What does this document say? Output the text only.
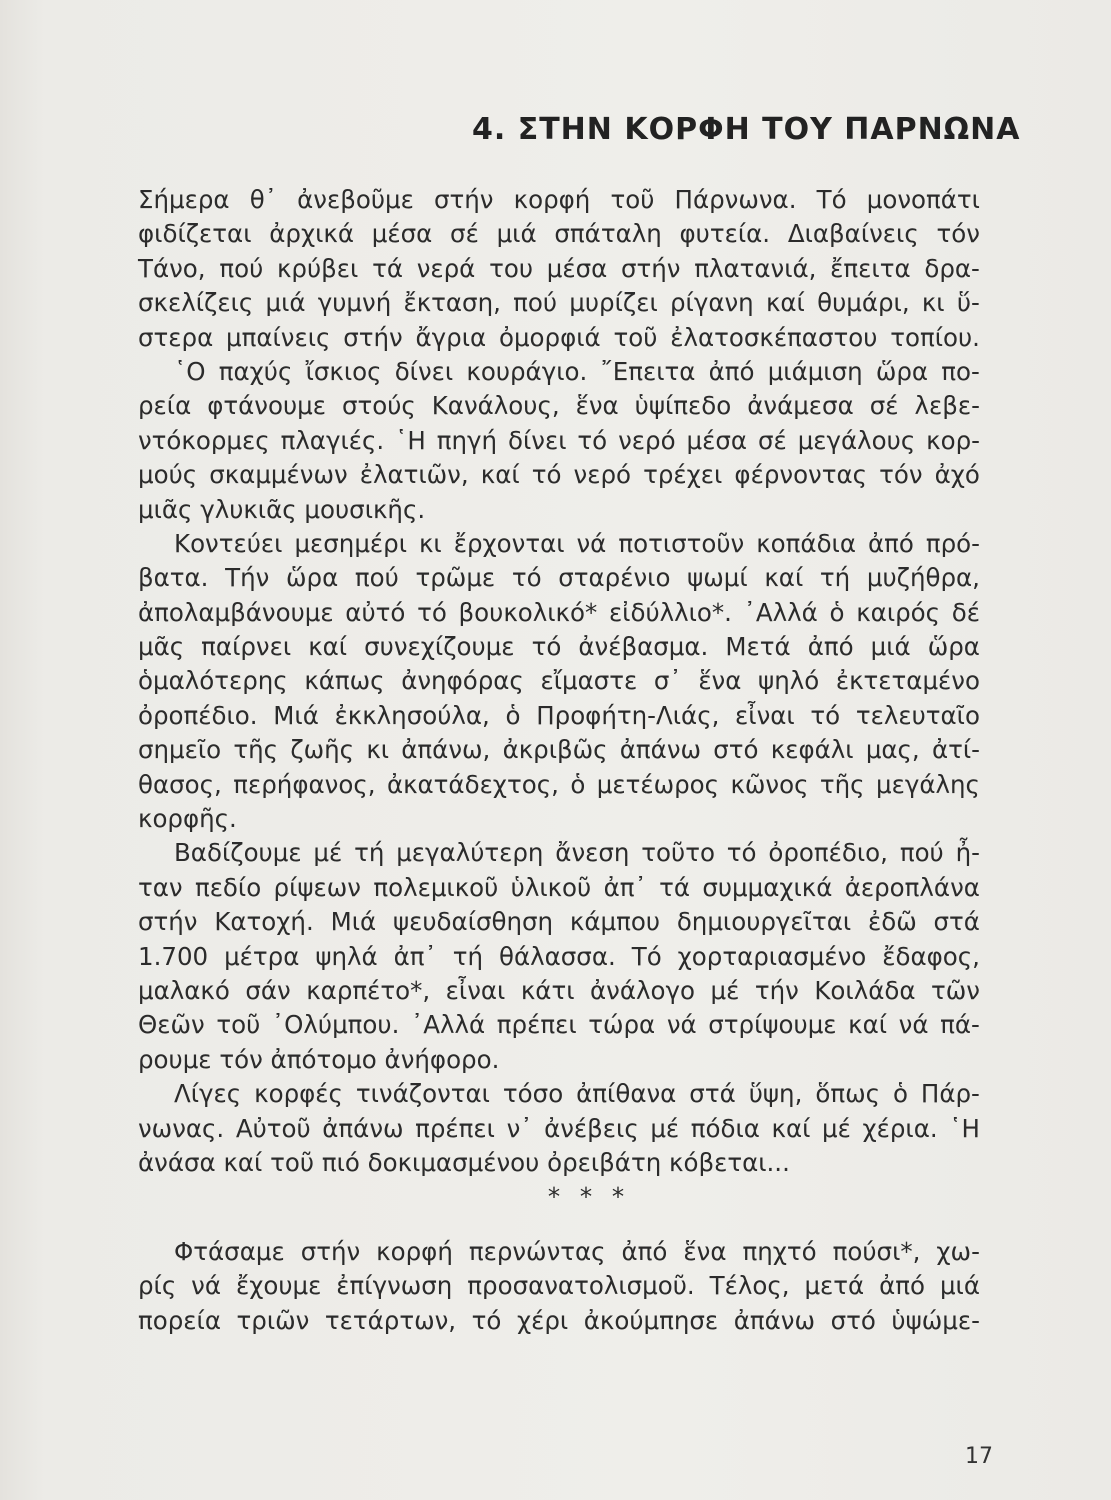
4. ΣΤΗΝ ΚΟΡΦΗ ΤΟΥ ΠΑΡΝΩΝΑ
Σήμερα θ᾽ ἀνεβοῦμε στήν κορφή τοῦ Πάρνωνα. Τό μονοπάτι
φιδίζεται ἀρχικά μέσα σέ μιά σπάταλη φυτεία. Διαβαίνεις τόν
Τάνο, πού κρύβει τά νερά του μέσα στήν πλατανιά, ἔπειτα δρα-
σκελίζεις μιά γυμνή ἔκταση, πού μυρίζει ρίγανη καί θυμάρι, κι ὕ-
στερα μπαίνεις στήν ἄγρια ὀμορφιά τοῦ ἐλατοσκέπαστου τοπίου.
῾Ο παχύς ἴσκιος δίνει κουράγιο. ῎Επειτα ἀπό μιάμιση ὥρα πο-
ρεία φτάνουμε στούς Κανάλους, ἕνα ὑψίπεδο ἀνάμεσα σέ λεβε-
ντόκορμες πλαγιές. ῾Η πηγή δίνει τό νερό μέσα σέ μεγάλους κορ-
μούς σκαμμένων ἐλατιῶν, καί τό νερό τρέχει φέρνοντας τόν ἀχό
μιᾶς γλυκιᾶς μουσικῆς.
Κοντεύει μεσημέρι κι ἔρχονται νά ποτιστοῦν κοπάδια ἀπό πρό-
βατα. Τήν ὥρα πού τρῶμε τό σταρένιο ψωμί καί τή μυζήθρα,
ἀπολαμβάνουμε αὐτό τό βουκολικό* εἰδύλλιο*. ᾽Αλλά ὁ καιρός δέ
μᾶς παίρνει καί συνεχίζουμε τό ἀνέβασμα. Μετά ἀπό μιά ὥρα
ὁμαλότερης κάπως ἀνηφόρας εἴμαστε σ᾽ ἕνα ψηλό ἐκτεταμένο
ὀροπέδιο. Μιά ἐκκλησούλα, ὁ Προφήτη-Λιάς, εἶναι τό τελευταῖο
σημεῖο τῆς ζωῆς κι ἀπάνω, ἀκριβῶς ἀπάνω στό κεφάλι μας, ἀτί-
θασος, περήφανος, ἀκατάδεχτος, ὁ μετέωρος κῶνος τῆς μεγάλης
κορφῆς.
Βαδίζουμε μέ τή μεγαλύτερη ἄνεση τοῦτο τό ὀροπέδιο, πού ἦ-
ταν πεδίο ρίψεων πολεμικοῦ ὑλικοῦ ἀπ᾽ τά συμμαχικά ἀεροπλάνα
στήν Κατοχή. Μιά ψευδαίσθηση κάμπου δημιουργεῖται ἐδῶ στά
1.700 μέτρα ψηλά ἀπ᾽ τή θάλασσα. Τό χορταριασμένο ἔδαφος,
μαλακό σάν καρπέτο*, εἶναι κάτι ἀνάλογο μέ τήν Κοιλάδα τῶν
Θεῶν τοῦ ᾽Ολύμπου. ᾽Αλλά πρέπει τώρα νά στρίψουμε καί νά πά-
ρουμε τόν ἀπότομο ἀνήφορο.
Λίγες κορφές τινάζονται τόσο ἀπίθανα στά ὕψη, ὅπως ὁ Πάρ-
νωνας. Αὐτοῦ ἀπάνω πρέπει ν᾽ ἀνέβεις μέ πόδια καί μέ χέρια. ῾Η
ἀνάσα καί τοῦ πιό δοκιμασμένου ὀρειβάτη κόβεται...
* * *
Φτάσαμε στήν κορφή περνώντας ἀπό ἕνα πηχτό πούσι*, χω-
ρίς νά ἔχουμε ἐπίγνωση προσανατολισμοῦ. Τέλος, μετά ἀπό μιά
πορεία τριῶν τετάρτων, τό χέρι ἀκούμπησε ἀπάνω στό ὑψώμε-
17
